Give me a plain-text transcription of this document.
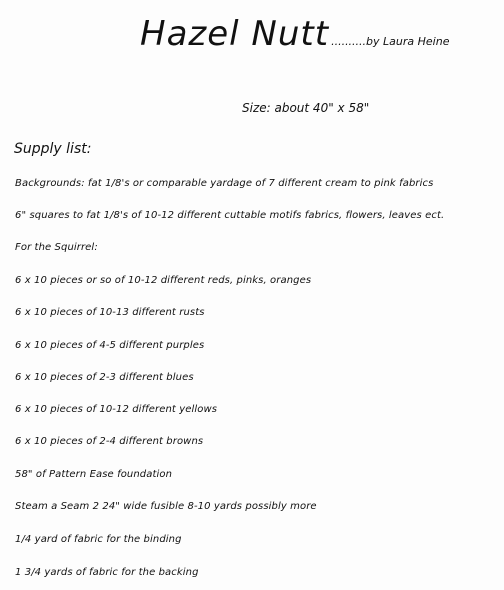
Hazel Nutt ..........by Laura Heine
Size: about 40" x 58"
Supply list:
Backgrounds: fat 1/8's or comparable yardage of 7 different cream to pink fabrics
6" squares to fat 1/8's of 10-12 different cuttable motifs fabrics, flowers, leaves ect.
For the Squirrel:
6 x 10 pieces or so of 10-12 different reds, pinks, oranges
6 x 10 pieces of 10-13 different rusts
6 x 10 pieces of 4-5 different purples
6 x 10 pieces of 2-3 different blues
6 x 10 pieces of 10-12 different yellows
6 x 10 pieces of 2-4 different browns
58" of Pattern Ease foundation
Steam a Seam 2 24" wide fusible 8-10 yards possibly more
1/4 yard of fabric for the binding
1 3/4 yards of fabric for the backing
